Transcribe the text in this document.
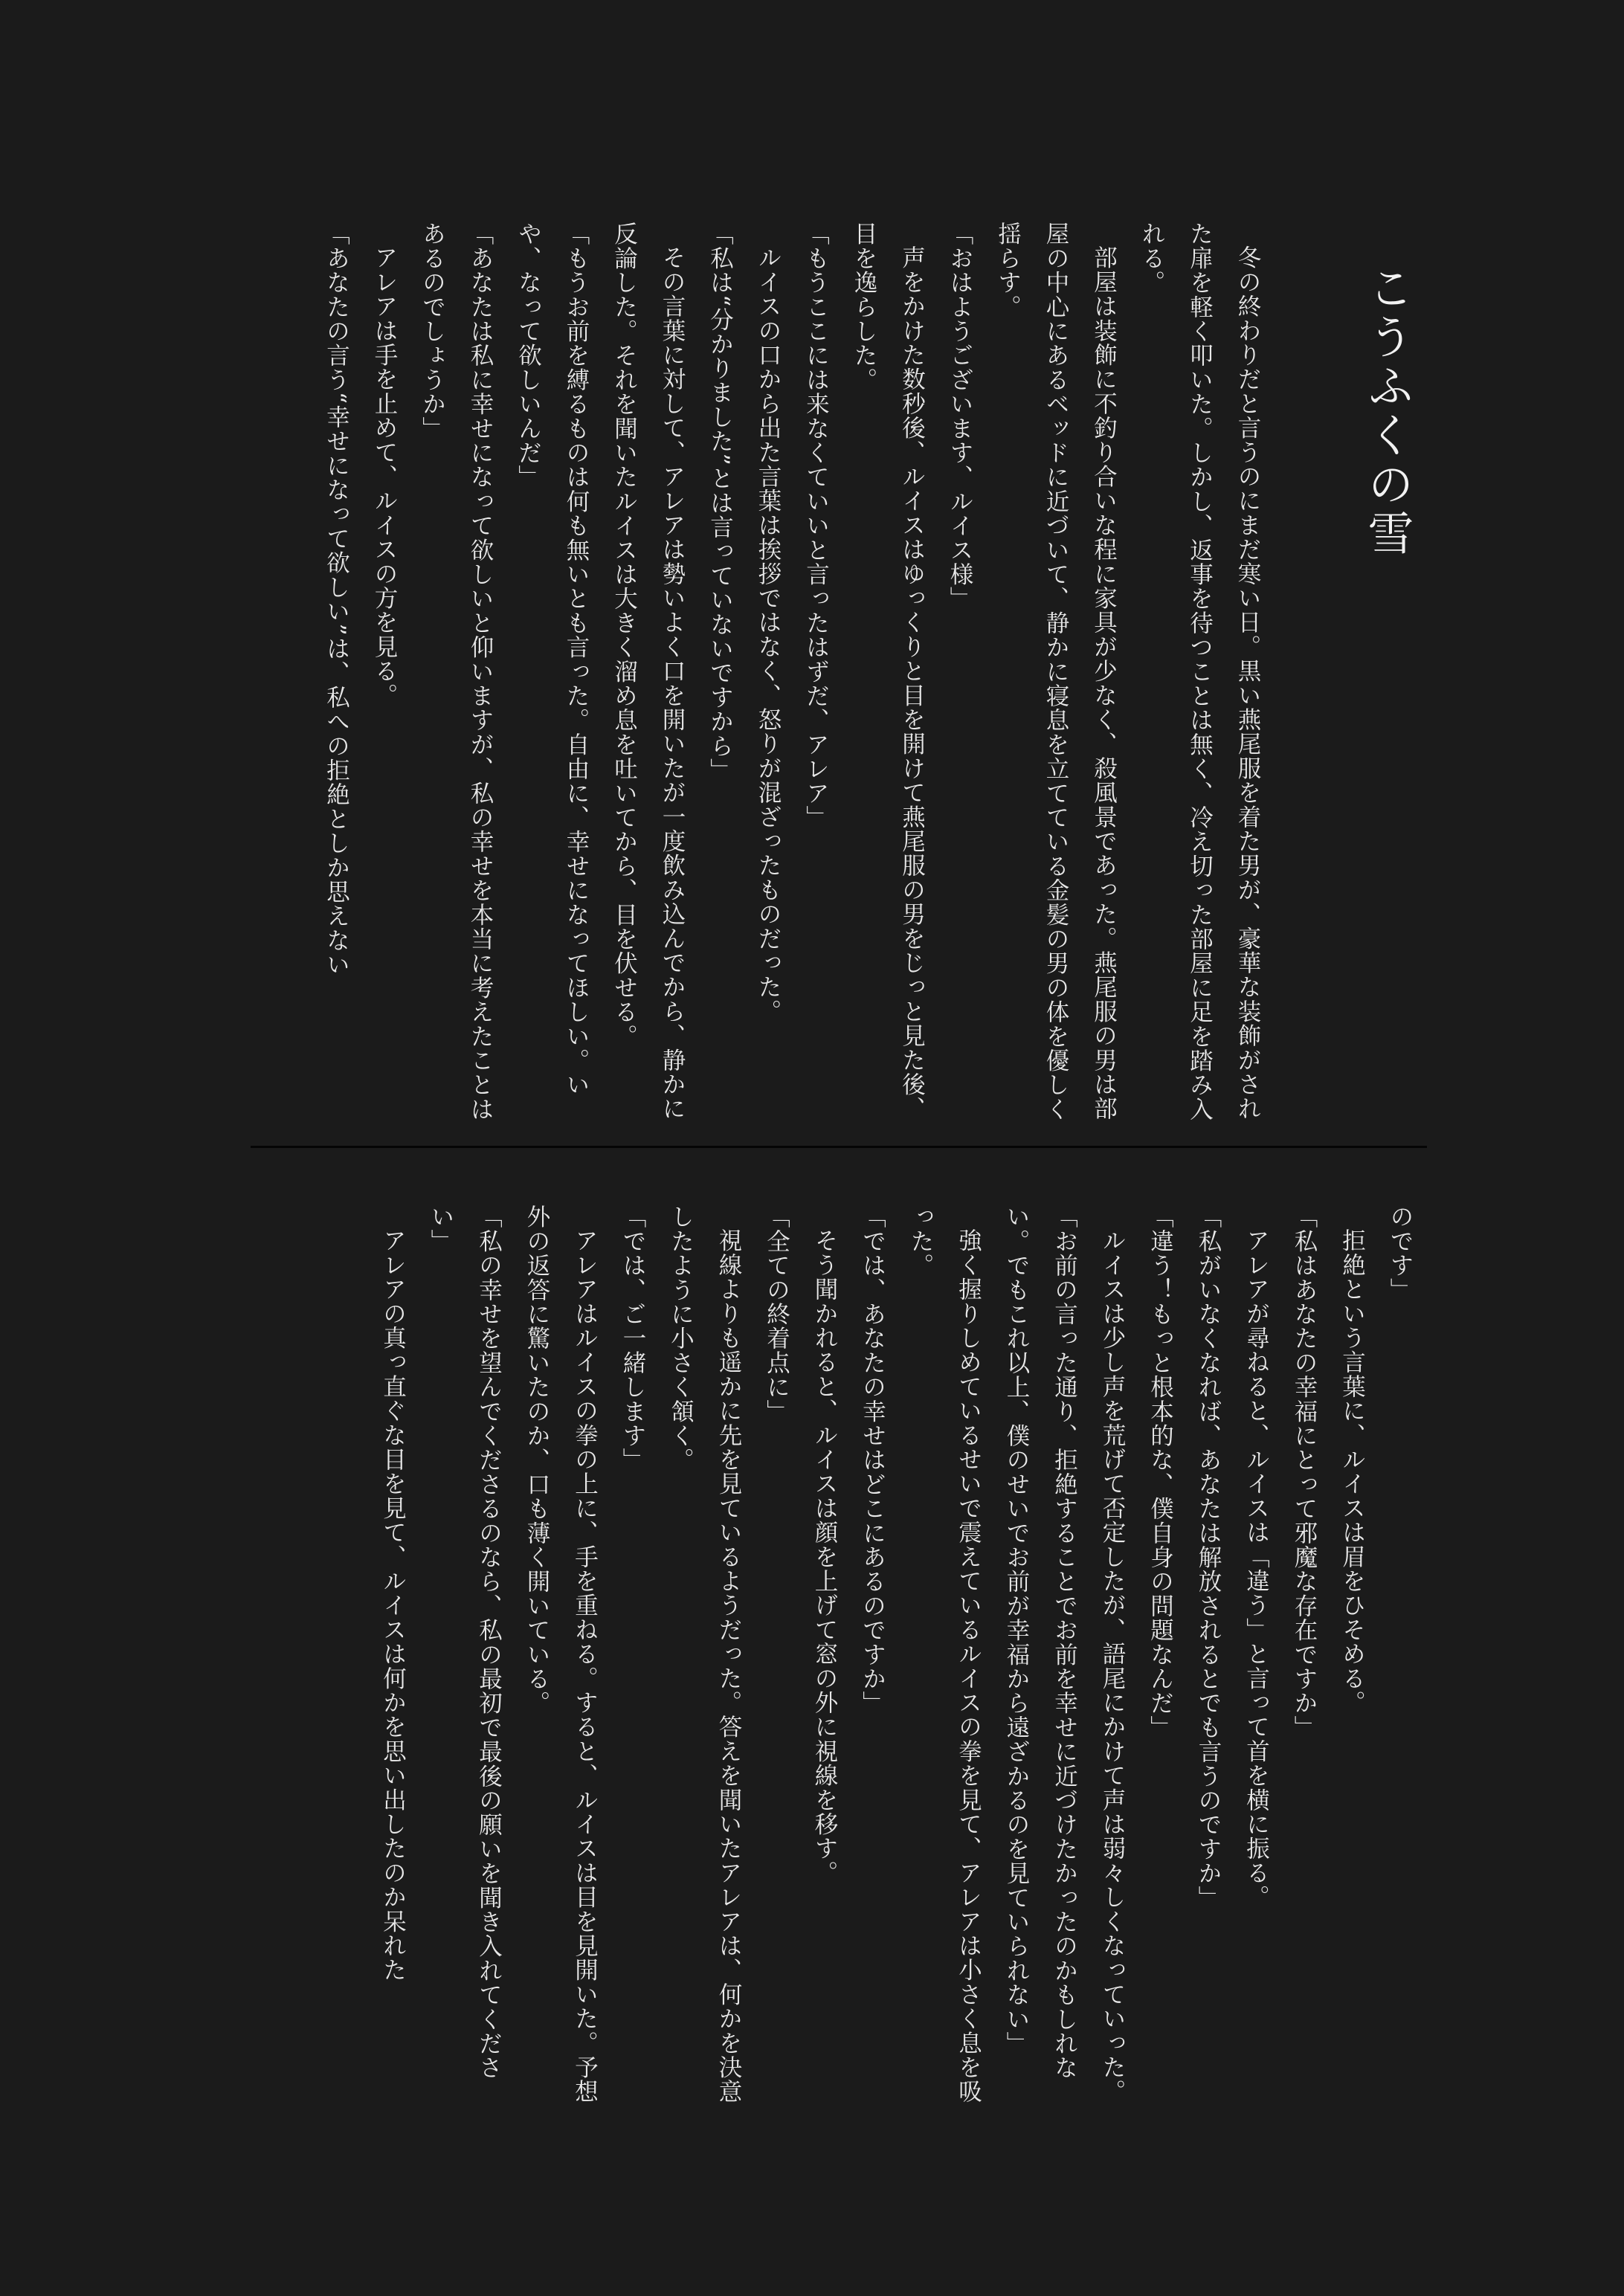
こうふくの雪

冬の終わりだと言うのにまだ寒い日。黒い燕尾服を着た男が、豪華な装飾がされた扉を軽く叩いた。しかし、返事を待つことは無く、冷え切った部屋に足を踏み入れる。

部屋は装飾に不釣り合いな程に家具が少なく、殺風景であった。燕尾服の男は部屋の中心にあるベッドに近づいて、静かに寝息を立てている金髪の男の体を優しく揺らす。

「おはようございます、ルイス様」

声をかけた数秒後、ルイスはゆっくりと目を開けて燕尾服の男をじっと見た後、目を逸らした。

「もうここには来なくていいと言ったはずだ、アレア」

ルイスの口から出た言葉は挨拶ではなく、怒りが混ざったものだった。

「私は“分かりました”とは言っていないですから」

その言葉に対して、アレアは勢いよく口を開いたが一度飲み込んでから、静かに反論した。それを聞いたルイスは大きく溜め息を吐いてから、目を伏せる。

「もうお前を縛るものは何も無いとも言った。自由に、幸せになってほしい。いや、なって欲しいんだ」

「あなたは私に幸せになって欲しいと仰いますが、私の幸せを本当に考えたことはあるのでしょうか」

アレアは手を止めて、ルイスの方を見る。

「あなたの言う“幸せになって欲しい”は、私への拒絶としか思えない

のです」

拒絶という言葉に、ルイスは眉をひそめる。

「私はあなたの幸福にとって邪魔な存在ですか」

アレアが尋ねると、ルイスは「違う」と言って首を横に振る。

「私がいなくなれば、あなたは解放されるとでも言うのですか」

「違う！もっと根本的な、僕自身の問題なんだ」

ルイスは少し声を荒げて否定したが、語尾にかけて声は弱々しくなっていった。

「お前の言った通り、拒絶することでお前を幸せに近づけたかったのかもしれない。でもこれ以上、僕のせいでお前が幸福から遠ざかるのを見ていられない」

強く握りしめているせいで震えているルイスの拳を見て、アレアは小さく息を吸った。

「では、あなたの幸せはどこにあるのですか」

そう聞かれると、ルイスは顔を上げて窓の外に視線を移す。

「全ての終着点に」

視線よりも遥かに先を見ているようだった。答えを聞いたアレアは、何かを決意したように小さく頷く。

「では、ご一緒します」

アレアはルイスの拳の上に、手を重ねる。すると、ルイスは目を見開いた。予想外の返答に驚いたのか、口も薄く開いている。

「私の幸せを望んでくださるのなら、私の最初で最後の願いを聞き入れてください」

アレアの真っ直ぐな目を見て、ルイスは何かを思い出したのか呆れた
